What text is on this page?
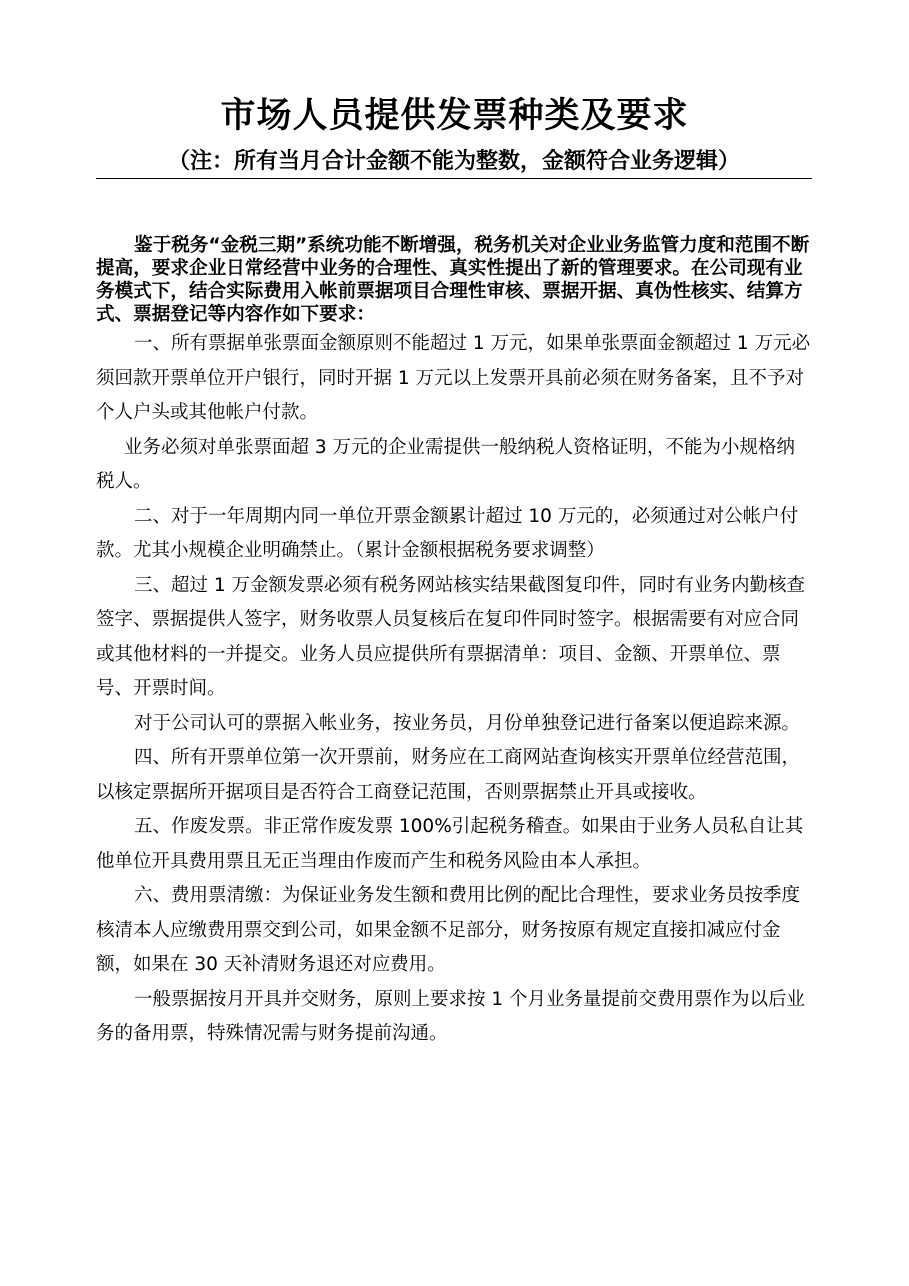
市场人员提供发票种类及要求
（注：所有当月合计金额不能为整数，金额符合业务逻辑）

鉴于税务“金税三期”系统功能不断增强，税务机关对企业业务监管力度和范围不断提高，要求企业日常经营中业务的合理性、真实性提出了新的管理要求。在公司现有业务模式下，结合实际费用入帐前票据项目合理性审核、票据开据、真伪性核实、结算方式、票据登记等内容作如下要求：

一、所有票据单张票面金额原则不能超过 1 万元，如果单张票面金额超过 1 万元必须回款开票单位开户银行，同时开据 1 万元以上发票开具前必须在财务备案，且不予对个人户头或其他帐户付款。

业务必须对单张票面超 3 万元的企业需提供一般纳税人资格证明，不能为小规格纳税人。

二、对于一年周期内同一单位开票金额累计超过 10 万元的，必须通过对公帐户付款。尤其小规模企业明确禁止。（累计金额根据税务要求调整）

三、超过 1 万金额发票必须有税务网站核实结果截图复印件，同时有业务内勤核查签字、票据提供人签字，财务收票人员复核后在复印件同时签字。根据需要有对应合同或其他材料的一并提交。业务人员应提供所有票据清单：项目、金额、开票单位、票号、开票时间。

对于公司认可的票据入帐业务，按业务员，月份单独登记进行备案以便追踪来源。

四、所有开票单位第一次开票前，财务应在工商网站查询核实开票单位经营范围，以核定票据所开据项目是否符合工商登记范围，否则票据禁止开具或接收。

五、作废发票。非正常作废发票 100%引起税务稽查。如果由于业务人员私自让其他单位开具费用票且无正当理由作废而产生和税务风险由本人承担。

六、费用票清缴：为保证业务发生额和费用比例的配比合理性，要求业务员按季度核清本人应缴费用票交到公司，如果金额不足部分，财务按原有规定直接扣减应付金额，如果在 30 天补清财务退还对应费用。

一般票据按月开具并交财务，原则上要求按 1 个月业务量提前交费用票作为以后业务的备用票，特殊情况需与财务提前沟通。
